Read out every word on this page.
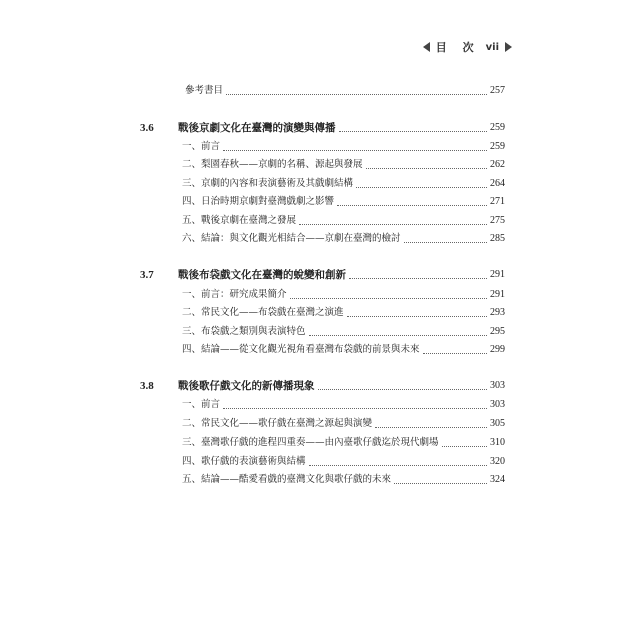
目 次 vii
參考書目	257
3.6	戰後京劇文化在臺灣的演變與傳播	259
一、前言	259
二、梨園春秋——京劇的名稱、源起與發展	262
三、京劇的內容和表演藝術及其戲劇結構	264
四、日治時期京劇對臺灣戲劇之影響	271
五、戰後京劇在臺灣之發展	275
六、結論：與文化觀光相結合——京劇在臺灣的檢討	285
3.7	戰後布袋戲文化在臺灣的蛻變和創新	291
一、前言：研究成果簡介	291
二、常民文化——布袋戲在臺灣之演進	293
三、布袋戲之類別與表演特色	295
四、結論——從文化觀光視角看臺灣布袋戲的前景與未來	299
3.8	戰後歌仔戲文化的新傳播現象	303
一、前言	303
二、常民文化——歌仔戲在臺灣之源起與演變	305
三、臺灣歌仔戲的進程四重奏——由內臺歌仔戲迄於現代劇場	310
四、歌仔戲的表演藝術與結構	320
五、結論——酷愛看戲的臺灣文化與歌仔戲的未來	324
